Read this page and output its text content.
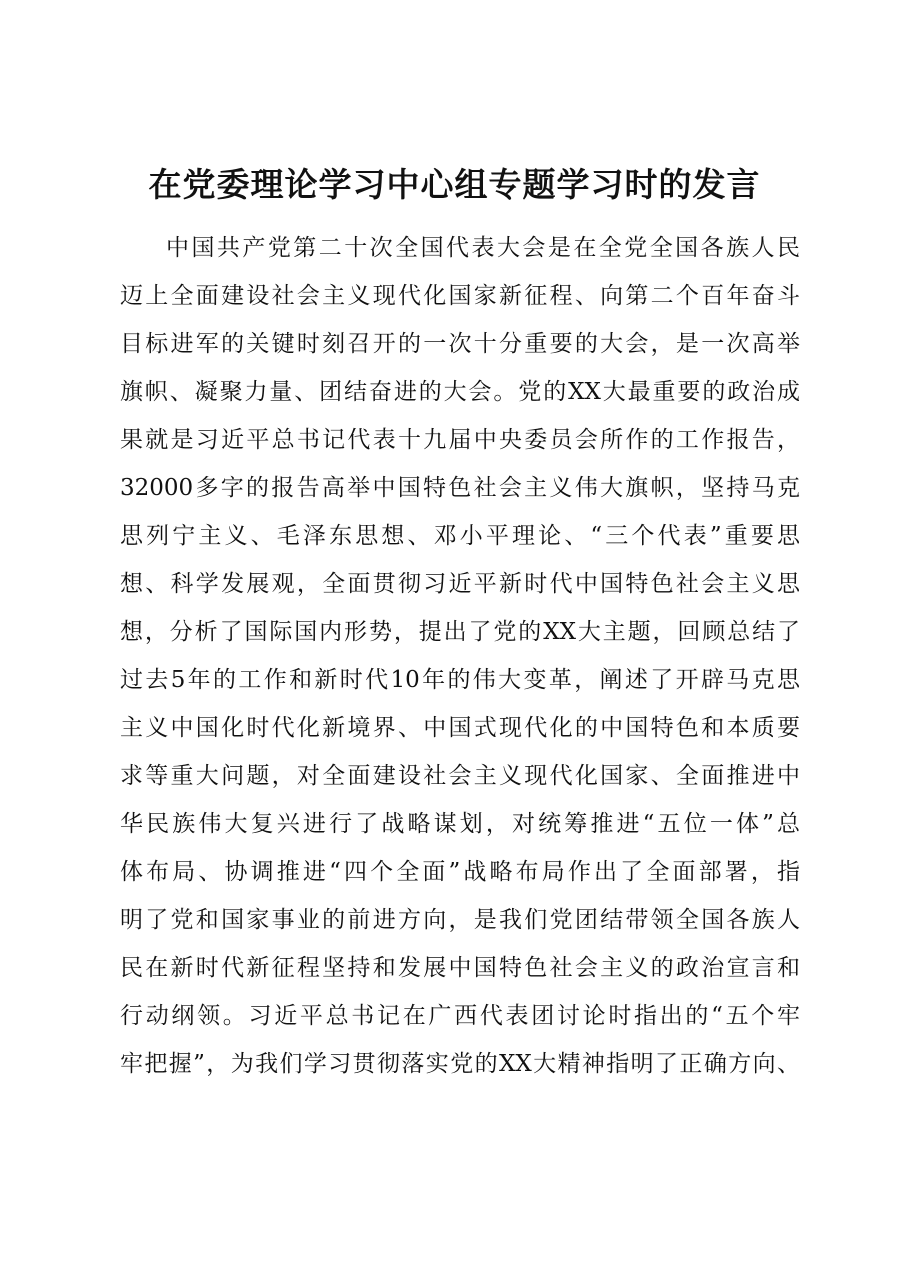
在党委理论学习中心组专题学习时的发言
中国共产党第二十次全国代表大会是在全党全国各族人民
迈上全面建设社会主义现代化国家新征程、向第二个百年奋斗
目标进军的关键时刻召开的一次十分重要的大会，是一次高举
旗帜、凝聚力量、团结奋进的大会。党的XX大最重要的政治成
果就是习近平总书记代表十九届中央委员会所作的工作报告，
32000多字的报告高举中国特色社会主义伟大旗帜，坚持马克
思列宁主义、毛泽东思想、邓小平理论、“三个代表”重要思
想、科学发展观，全面贯彻习近平新时代中国特色社会主义思
想，分析了国际国内形势，提出了党的XX大主题，回顾总结了
过去5年的工作和新时代10年的伟大变革，阐述了开辟马克思
主义中国化时代化新境界、中国式现代化的中国特色和本质要
求等重大问题，对全面建设社会主义现代化国家、全面推进中
华民族伟大复兴进行了战略谋划，对统筹推进“五位一体”总
体布局、协调推进“四个全面”战略布局作出了全面部署，指
明了党和国家事业的前进方向，是我们党团结带领全国各族人
民在新时代新征程坚持和发展中国特色社会主义的政治宣言和
行动纲领。习近平总书记在广西代表团讨论时指出的“五个牢
牢把握”，为我们学习贯彻落实党的XX大精神指明了正确方向、
